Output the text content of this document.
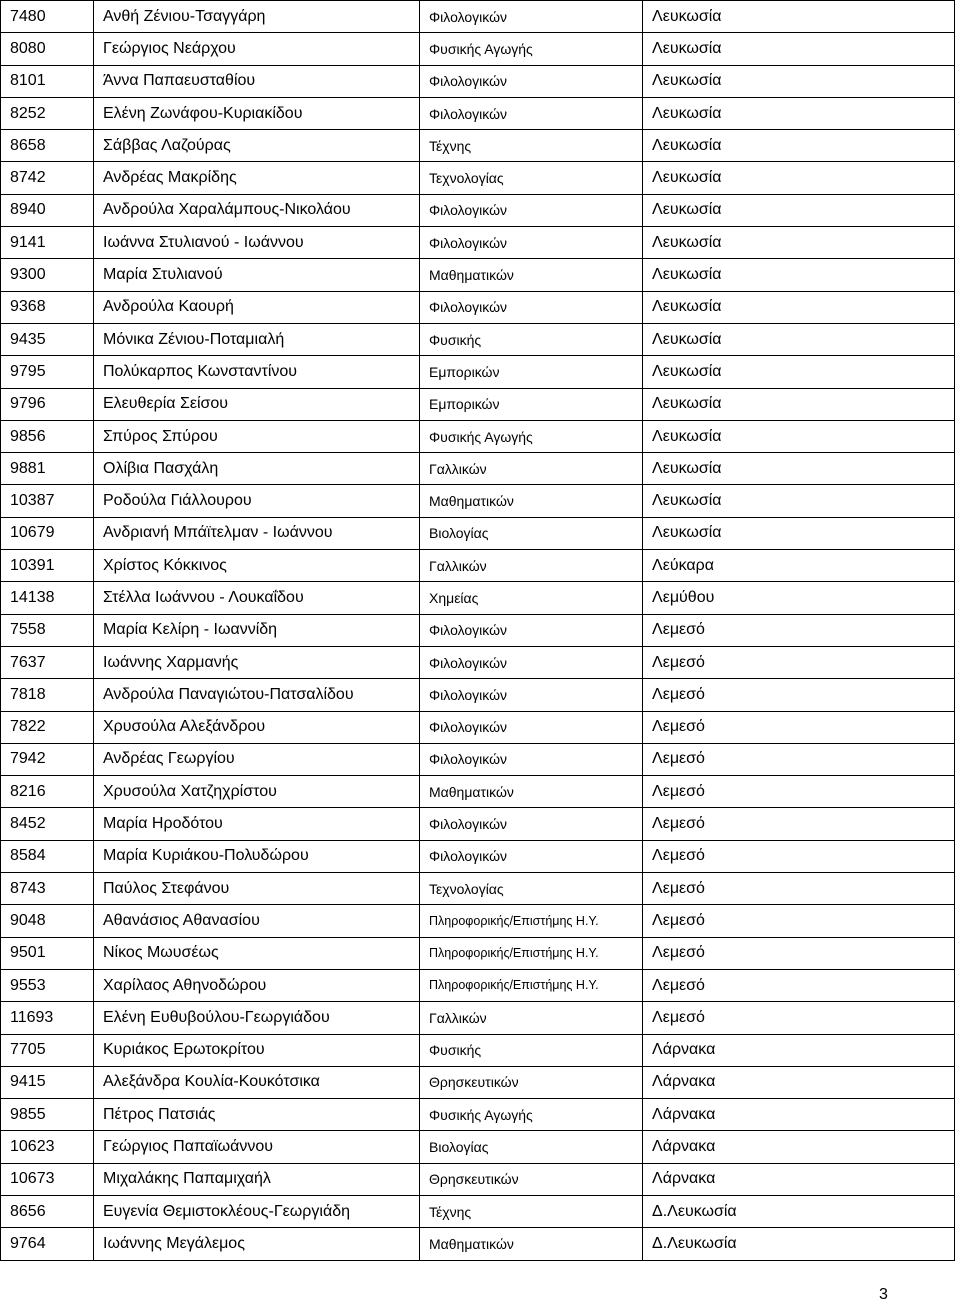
7480	Ανθή Ζένιου-Τσαγγάρη	Φιλολογικών	Λευκωσία
8080	Γεώργιος Νεάρχου	Φυσικής Αγωγής	Λευκωσία
8101	Άννα Παπαευσταθίου	Φιλολογικών	Λευκωσία
8252	Ελένη Ζωνάφου-Κυριακίδου	Φιλολογικών	Λευκωσία
8658	Σάββας Λαζούρας	Τέχνης	Λευκωσία
8742	Ανδρέας Μακρίδης	Τεχνολογίας	Λευκωσία
8940	Ανδρούλα Χαραλάμπους-Νικολάου	Φιλολογικών	Λευκωσία
9141	Ιωάννα Στυλιανού - Ιωάννου	Φιλολογικών	Λευκωσία
9300	Μαρία Στυλιανού	Μαθηματικών	Λευκωσία
9368	Ανδρούλα Καουρή	Φιλολογικών	Λευκωσία
9435	Μόνικα Ζένιου-Ποταμιαλή	Φυσικής	Λευκωσία
9795	Πολύκαρπος Κωνσταντίνου	Εμπορικών	Λευκωσία
9796	Ελευθερία Σείσου	Εμπορικών	Λευκωσία
9856	Σπύρος Σπύρου	Φυσικής Αγωγής	Λευκωσία
9881	Ολίβια Πασχάλη	Γαλλικών	Λευκωσία
10387	Ροδούλα Γιάλλουρου	Μαθηματικών	Λευκωσία
10679	Ανδριανή Μπάϊτελμαν - Ιωάννου	Βιολογίας	Λευκωσία
10391	Χρίστος Κόκκινος	Γαλλικών	Λεύκαρα
14138	Στέλλα Ιωάννου - Λουκαΐδου	Χημείας	Λεμύθου
7558	Μαρία Κελίρη - Ιωαννίδη	Φιλολογικών	Λεμεσό
7637	Ιωάννης Χαρμανής	Φιλολογικών	Λεμεσό
7818	Ανδρούλα Παναγιώτου-Πατσαλίδου	Φιλολογικών	Λεμεσό
7822	Χρυσούλα Αλεξάνδρου	Φιλολογικών	Λεμεσό
7942	Ανδρέας Γεωργίου	Φιλολογικών	Λεμεσό
8216	Χρυσούλα Χατζηχρίστου	Μαθηματικών	Λεμεσό
8452	Μαρία Ηροδότου	Φιλολογικών	Λεμεσό
8584	Μαρία Κυριάκου-Πολυδώρου	Φιλολογικών	Λεμεσό
8743	Παύλος Στεφάνου	Τεχνολογίας	Λεμεσό
9048	Αθανάσιος Αθανασίου	Πληροφορικής/Επιστήμης Η.Υ.	Λεμεσό
9501	Νίκος Μωυσέως	Πληροφορικής/Επιστήμης Η.Υ.	Λεμεσό
9553	Χαρίλαος Αθηνοδώρου	Πληροφορικής/Επιστήμης Η.Υ.	Λεμεσό
11693	Ελένη Ευθυβούλου-Γεωργιάδου	Γαλλικών	Λεμεσό
7705	Κυριάκος Ερωτοκρίτου	Φυσικής	Λάρνακα
9415	Αλεξάνδρα Κουλία-Κουκότσικα	Θρησκευτικών	Λάρνακα
9855	Πέτρος Πατσιάς	Φυσικής Αγωγής	Λάρνακα
10623	Γεώργιος Παπαϊωάννου	Βιολογίας	Λάρνακα
10673	Μιχαλάκης Παπαμιχαήλ	Θρησκευτικών	Λάρνακα
8656	Ευγενία Θεμιστοκλέους-Γεωργιάδη	Τέχνης	Δ.Λευκωσία
9764	Ιωάννης Μεγάλεμος	Μαθηματικών	Δ.Λευκωσία
3
